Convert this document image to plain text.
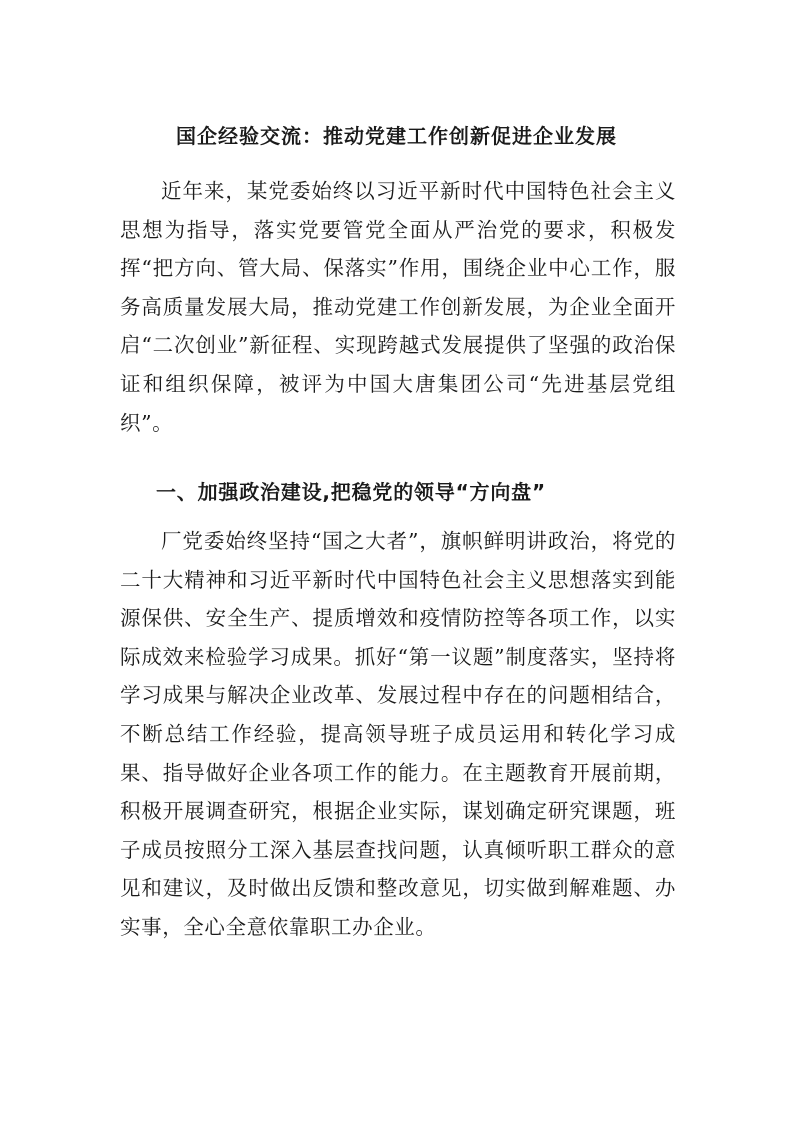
国企经验交流：推动党建工作创新促进企业发展

近年来，某党委始终以习近平新时代中国特色社会主义思想为指导，落实党要管党全面从严治党的要求，积极发挥“把方向、管大局、保落实”作用，围绕企业中心工作，服务高质量发展大局，推动党建工作创新发展，为企业全面开启“二次创业”新征程、实现跨越式发展提供了坚强的政治保证和组织保障，被评为中国大唐集团公司“先进基层党组织”。

一、加强政治建设,把稳党的领导“方向盘”

厂党委始终坚持“国之大者”，旗帜鲜明讲政治，将党的二十大精神和习近平新时代中国特色社会主义思想落实到能源保供、安全生产、提质增效和疫情防控等各项工作，以实际成效来检验学习成果。抓好“第一议题”制度落实，坚持将学习成果与解决企业改革、发展过程中存在的问题相结合，不断总结工作经验，提高领导班子成员运用和转化学习成果、指导做好企业各项工作的能力。在主题教育开展前期，积极开展调查研究，根据企业实际，谋划确定研究课题，班子成员按照分工深入基层查找问题，认真倾听职工群众的意见和建议，及时做出反馈和整改意见，切实做到解难题、办实事，全心全意依靠职工办企业。
